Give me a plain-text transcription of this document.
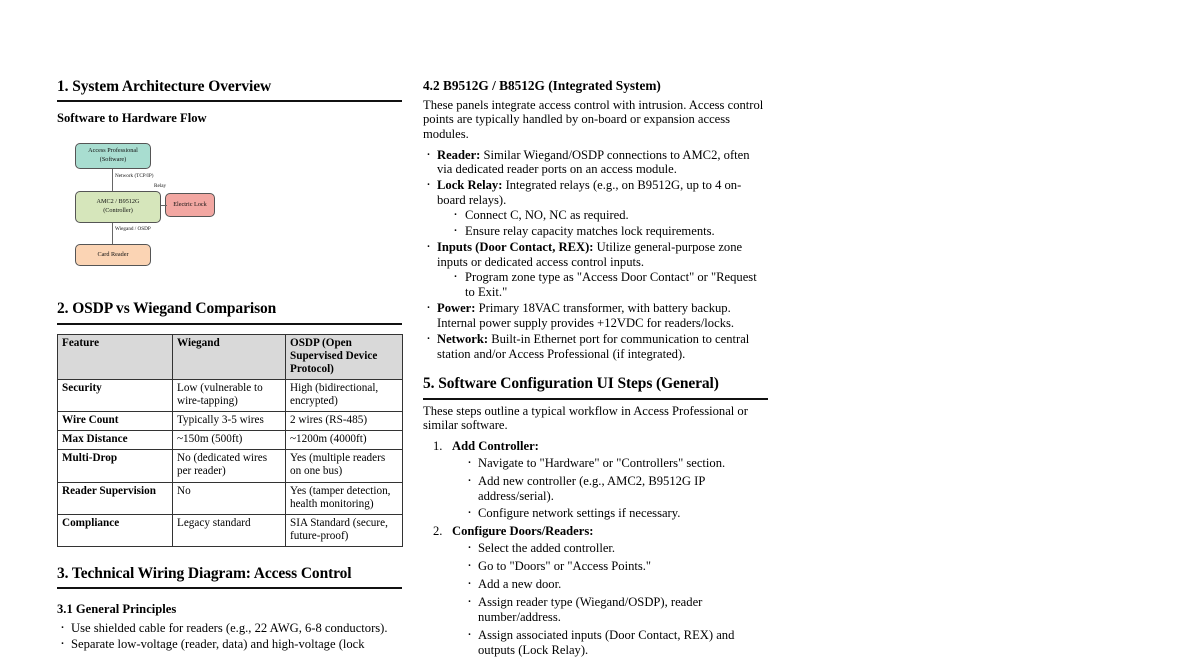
1. System Architecture Overview
Software to Hardware Flow
Access Professional
(Software)
AMC2 / B9512G
(Controller)
Electric Lock
Card Reader
Network (TCP/IP)
Relay
Wiegand / OSDP
2. OSDP vs Wiegand Comparison
Feature	Wiegand	OSDP (Open Supervised Device Protocol)
Security	Low (vulnerable to wire-tapping)	High (bidirectional, encrypted)
Wire Count	Typically 3-5 wires	2 wires (RS-485)
Max Distance	~150m (500ft)	~1200m (4000ft)
Multi-Drop	No (dedicated wires per reader)	Yes (multiple readers on one bus)
Reader Supervision	No	Yes (tamper detection, health monitoring)
Compliance	Legacy standard	SIA Standard (secure, future-proof)
3. Technical Wiring Diagram: Access Control
3.1 General Principles
· Use shielded cable for readers (e.g., 22 AWG, 6-8 conductors).
· Separate low-voltage (reader, data) and high-voltage (lock
4.2 B9512G / B8512G (Integrated System)

These panels integrate access control with intrusion. Access control points are typically handled by on-board or expansion access modules.

· Reader: Similar Wiegand/OSDP connections to AMC2, often via dedicated reader ports on an access module.
· Lock Relay: Integrated relays (e.g., on B9512G, up to 4 on-board relays).
· Connect C, NO, NC as required.
· Ensure relay capacity matches lock requirements.
· Inputs (Door Contact, REX): Utilize general-purpose zone inputs or dedicated access control inputs.
· Program zone type as "Access Door Contact" or "Request to Exit."
· Power: Primary 18VAC transformer, with battery backup. Internal power supply provides +12VDC for readers/locks.
· Network: Built-in Ethernet port for communication to central station and/or Access Professional (if integrated).
5. Software Configuration UI Steps (General)

These steps outline a typical workflow in Access Professional or similar software.

Add Controller:
· Navigate to "Hardware" or "Controllers" section.
· Add new controller (e.g., AMC2, B9512G IP address/serial).
· Configure network settings if necessary.
Configure Doors/Readers:
· Select the added controller.
· Go to "Doors" or "Access Points."
· Add a new door.
· Assign reader type (Wiegand/OSDP), reader number/address.
· Assign associated inputs (Door Contact, REX) and outputs (Lock Relay).
